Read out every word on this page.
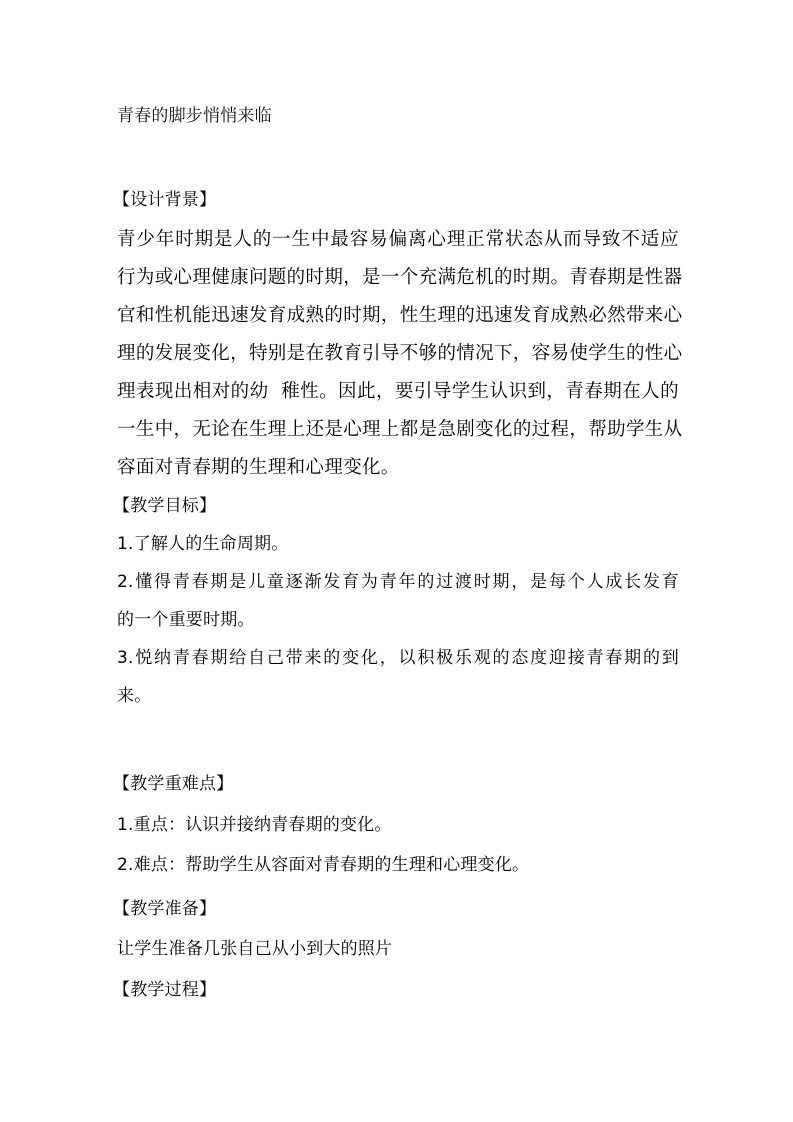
青春的脚步悄悄来临
【设计背景】
青少年时期是人的一生中最容易偏离心理正常状态从而导致不适应
行为或心理健康问题的时期，是一个充满危机的时期。青春期是性器
官和性机能迅速发育成熟的时期，性生理的迅速发育成熟必然带来心
理的发展变化，特别是在教育引导不够的情况下，容易使学生的性心
理表现出相对的幼  稚性。因此，要引导学生认识到，青春期在人的
一生中，无论在生理上还是心理上都是急剧变化的过程，帮助学生从
容面对青春期的生理和心理变化。
【教学目标】
1.了解人的生命周期。
2.懂得青春期是儿童逐渐发育为青年的过渡时期，是每个人成长发育
的一个重要时期。
3.悦纳青春期给自己带来的变化，以积极乐观的态度迎接青春期的到
来。
【教学重难点】
1.重点：认识并接纳青春期的变化。
2.难点：帮助学生从容面对青春期的生理和心理变化。
【教学准备】
让学生准备几张自己从小到大的照片
【教学过程】
